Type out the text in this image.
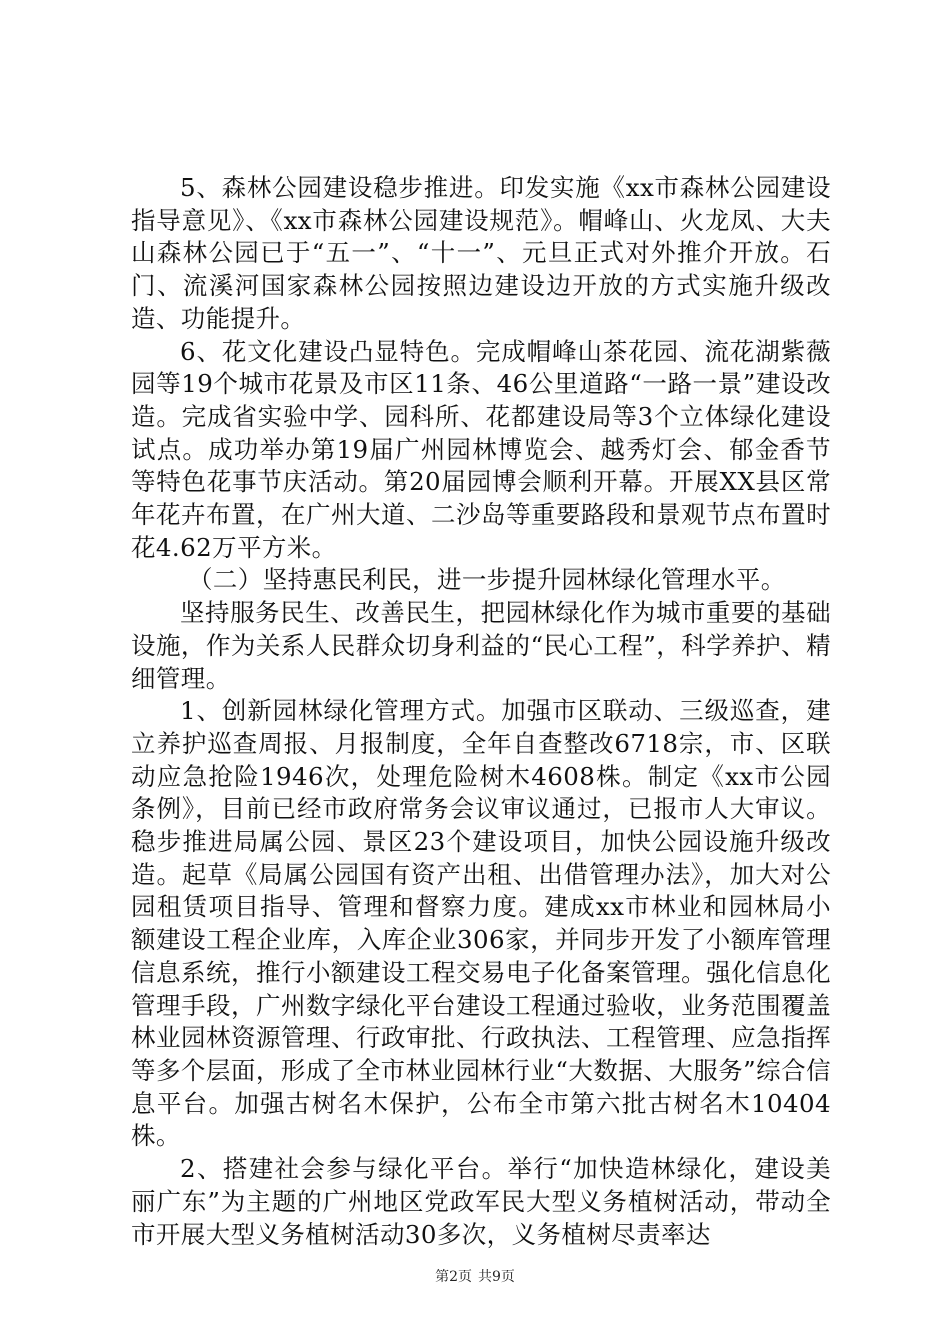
5、森林公园建设稳步推进。印发实施《xx市森林公园建设指导意见》、《xx市森林公园建设规范》。帽峰山、火龙凤、大夫山森林公园已于“五一”、“十一”、元旦正式对外推介开放。石门、流溪河国家森林公园按照边建设边开放的方式实施升级改造、功能提升。

6、花文化建设凸显特色。完成帽峰山茶花园、流花湖紫薇园等19个城市花景及市区11条、46公里道路“一路一景”建设改造。完成省实验中学、园科所、花都建设局等3个立体绿化建设试点。成功举办第19届广州园林博览会、越秀灯会、郁金香节等特色花事节庆活动。第20届园博会顺利开幕。开展XX县区常年花卉布置，在广州大道、二沙岛等重要路段和景观节点布置时花4.62万平方米。

（二）坚持惠民利民，进一步提升园林绿化管理水平。

坚持服务民生、改善民生，把园林绿化作为城市重要的基础设施，作为关系人民群众切身利益的“民心工程”，科学养护、精细管理。

1、创新园林绿化管理方式。加强市区联动、三级巡查，建立养护巡查周报、月报制度，全年自查整改6718宗，市、区联动应急抢险1946次，处理危险树木4608株。制定《xx市公园条例》，目前已经市政府常务会议审议通过，已报市人大审议。稳步推进局属公园、景区23个建设项目，加快公园设施升级改造。起草《局属公园国有资产出租、出借管理办法》，加大对公园租赁项目指导、管理和督察力度。建成xx市林业和园林局小额建设工程企业库，入库企业306家，并同步开发了小额库管理信息系统，推行小额建设工程交易电子化备案管理。强化信息化管理手段，广州数字绿化平台建设工程通过验收，业务范围覆盖林业园林资源管理、行政审批、行政执法、工程管理、应急指挥等多个层面，形成了全市林业园林行业“大数据、大服务”综合信息平台。加强古树名木保护，公布全市第六批古树名木10404株。

2、搭建社会参与绿化平台。举行“加快造林绿化，建设美丽广东”为主题的广州地区党政军民大型义务植树活动，带动全市开展大型义务植树活动30多次，义务植树尽责率达

第2页 共9页
